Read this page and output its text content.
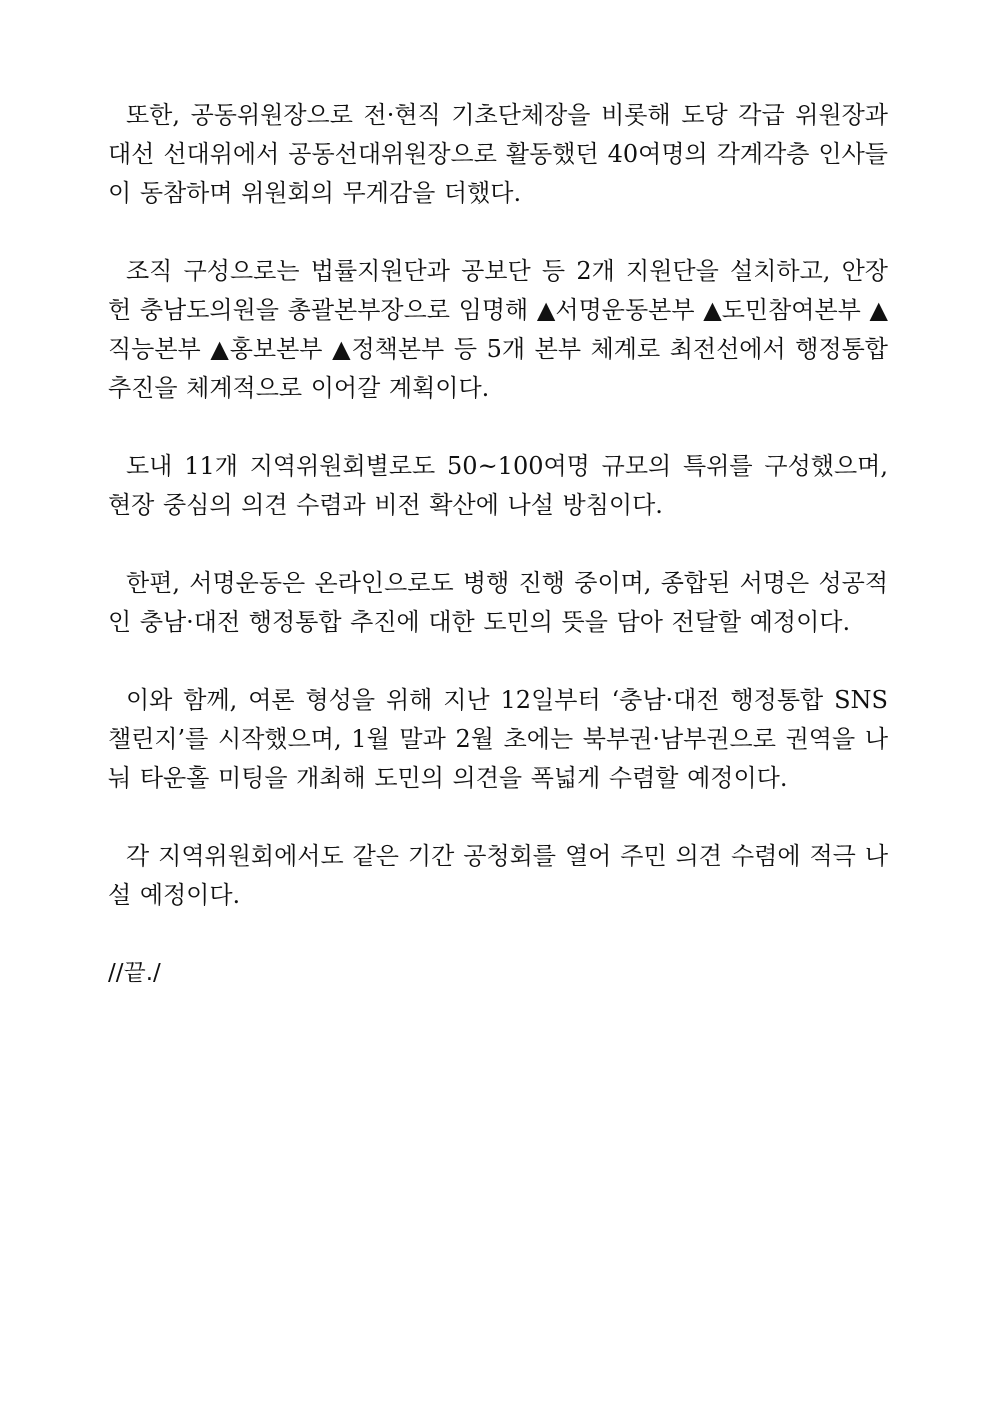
또한, 공동위원장으로 전·현직 기초단체장을 비롯해 도당 각급 위원장과 대선 선대위에서 공동선대위원장으로 활동했던 40여명의 각계각층 인사들이 동참하며 위원회의 무게감을 더했다.

조직 구성으로는 법률지원단과 공보단 등 2개 지원단을 설치하고, 안장헌 충남도의원을 총괄본부장으로 임명해 ▲서명운동본부 ▲도민참여본부 ▲직능본부 ▲홍보본부 ▲정책본부 등 5개 본부 체계로 최전선에서 행정통합 추진을 체계적으로 이어갈 계획이다.

도내 11개 지역위원회별로도 50~100여명 규모의 특위를 구성했으며, 현장 중심의 의견 수렴과 비전 확산에 나설 방침이다.

한편, 서명운동은 온라인으로도 병행 진행 중이며, 종합된 서명은 성공적인 충남·대전 행정통합 추진에 대한 도민의 뜻을 담아 전달할 예정이다.

이와 함께, 여론 형성을 위해 지난 12일부터 ‘충남·대전 행정통합 SNS 챌린지’를 시작했으며, 1월 말과 2월 초에는 북부권·남부권으로 권역을 나눠 타운홀 미팅을 개최해 도민의 의견을 폭넓게 수렴할 예정이다.

각 지역위원회에서도 같은 기간 공청회를 열어 주민 의견 수렴에 적극 나설 예정이다.

//끝./
